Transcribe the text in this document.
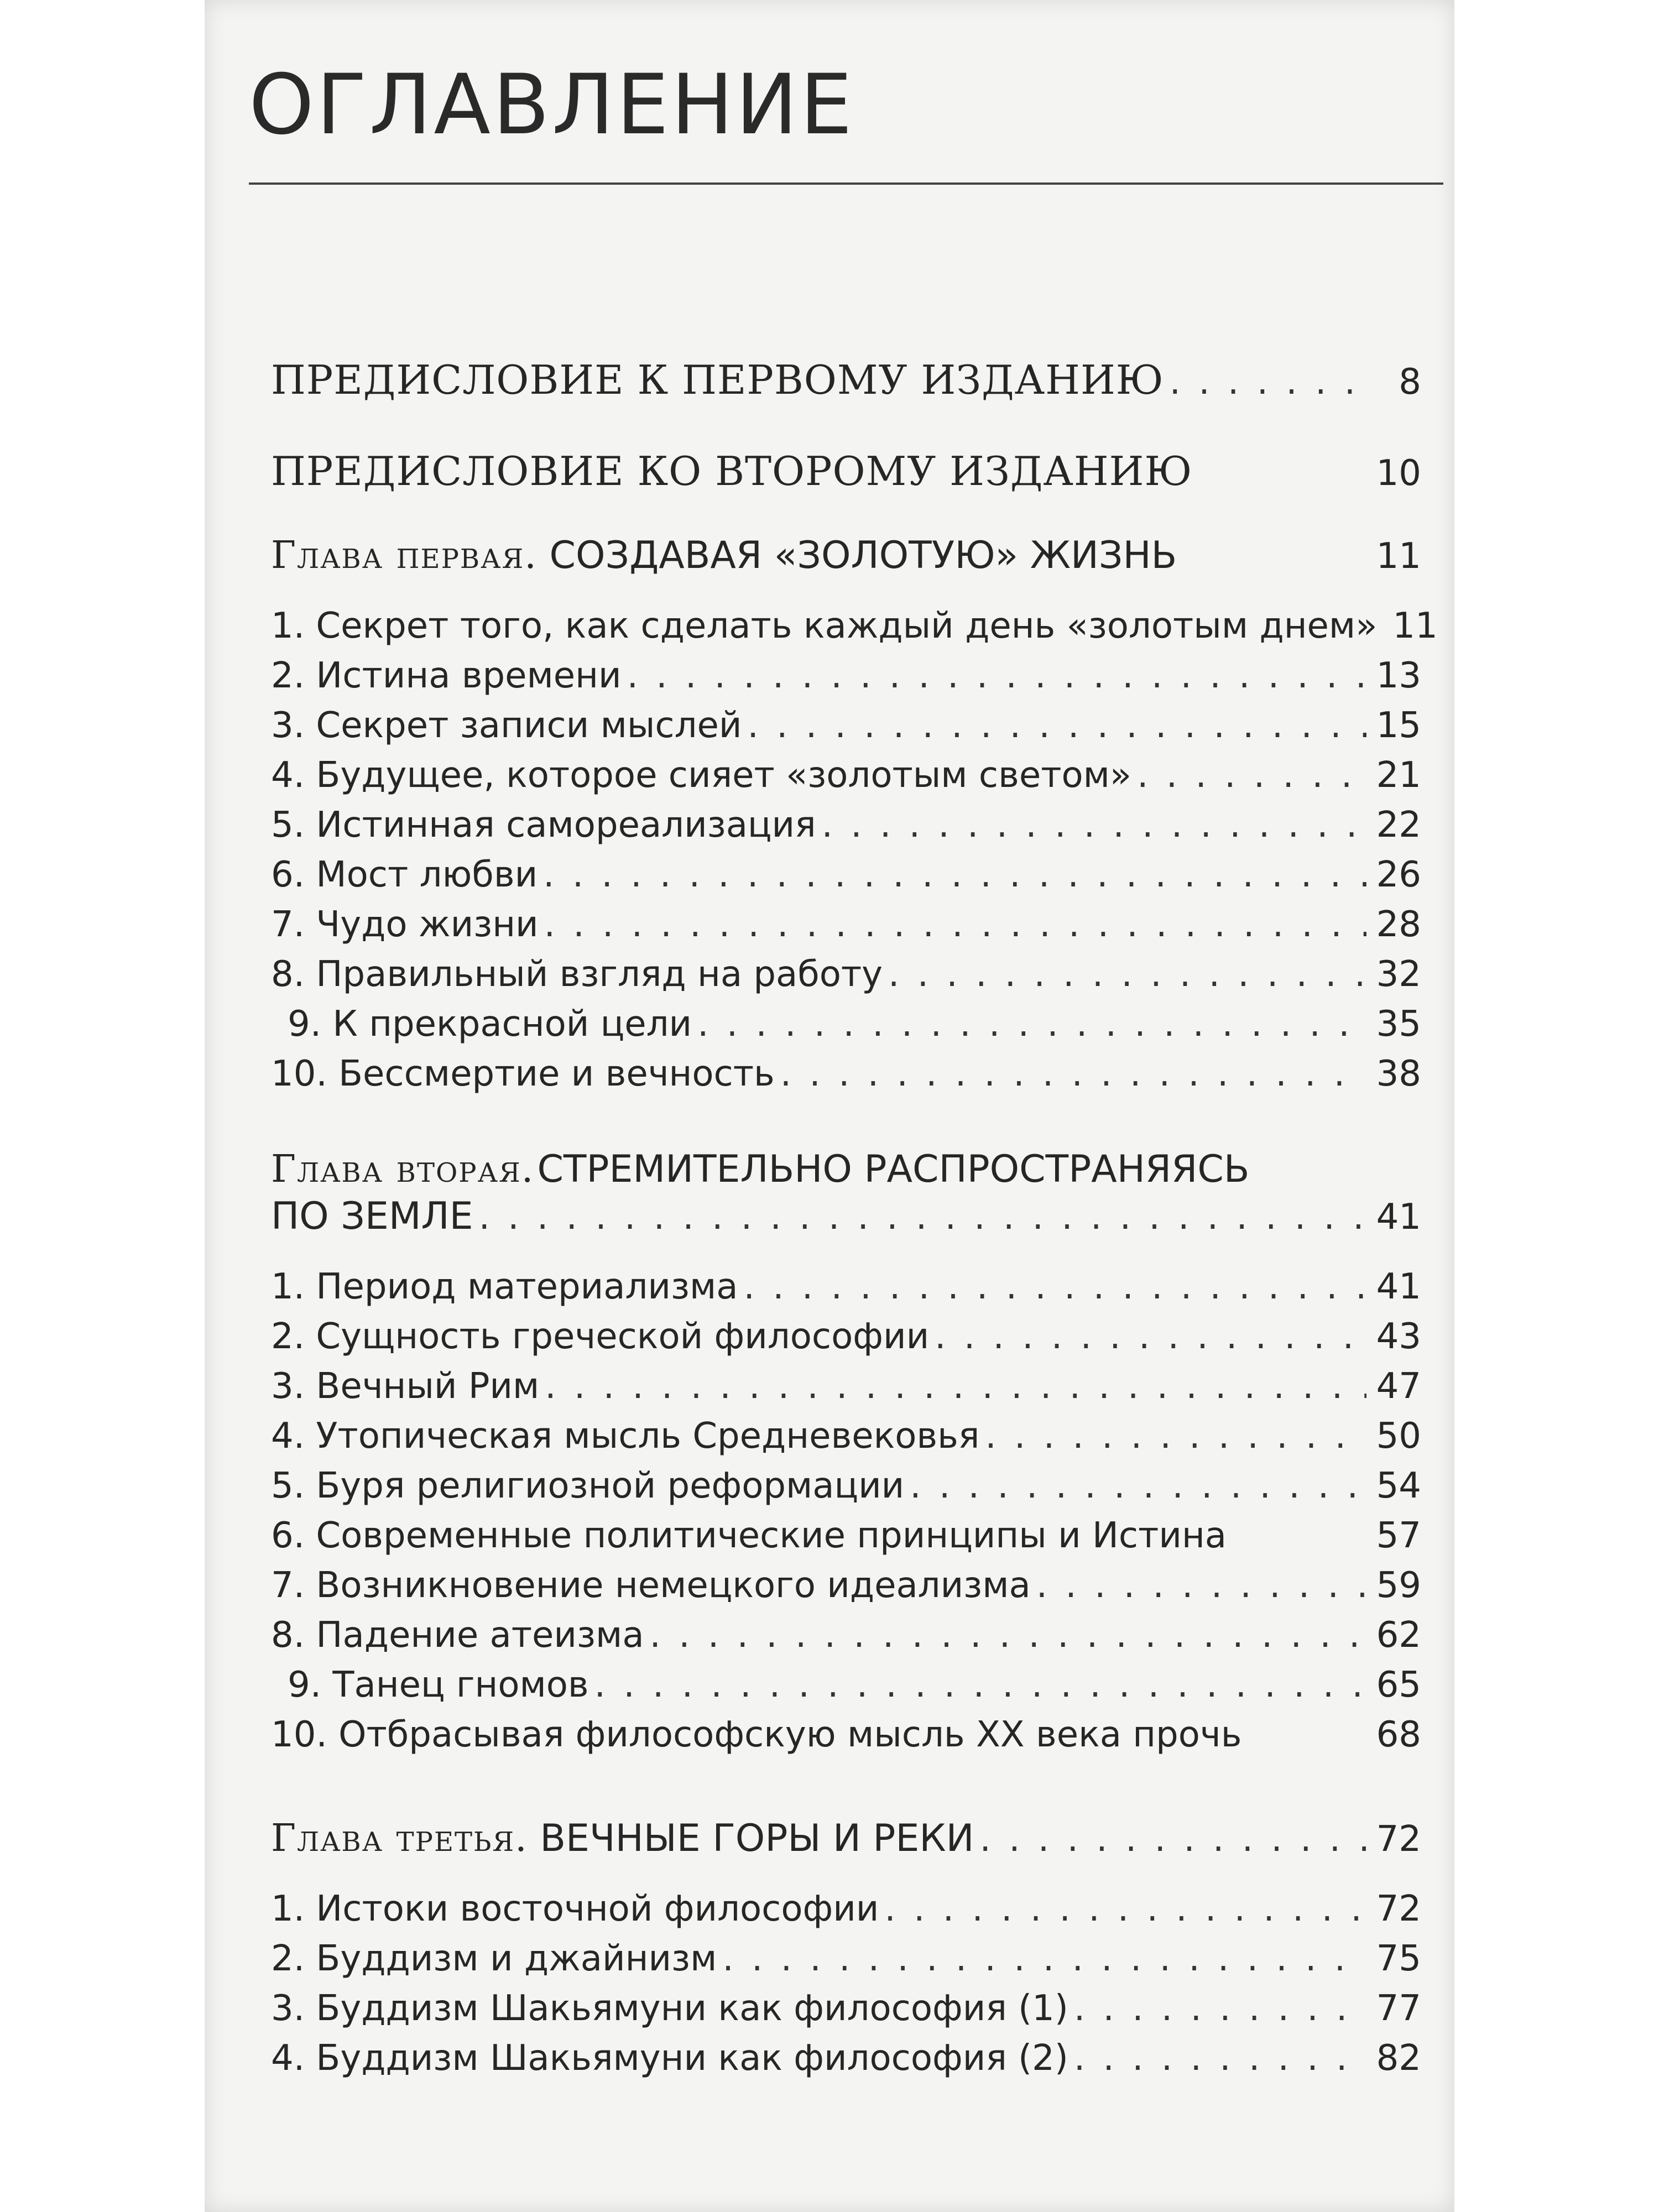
ОГЛАВЛЕНИЕ
ПРЕДИСЛОВИЕ К ПЕРВОМУ ИЗДАНИЮ . . .	8
ПРЕДИСЛОВИЕ КО ВТОРОМУ ИЗДАНИЮ	10
Глава первая. СОЗДАВАЯ «ЗОЛОТУЮ» ЖИЗНЬ	11
1. Секрет того, как сделать каждый день «золотым днем» 11
2. Истина времени . . .	13
3. Секрет записи мыслей . . .	15
4. Будущее, которое сияет «золотым светом» . . .	21
5. Истинная самореализация . . .	22
6. Мост любви . . .	26
7. Чудо жизни . . .	28
8. Правильный взгляд на работу . . .	32
9. К прекрасной цели . . .	35
10. Бессмертие и вечность . . .	38
Глава вторая. СТРЕМИТЕЛЬНО РАСПРОСТРАНЯЯСЬ
ПО ЗЕМЛЕ . . .	41
1. Период материализма . . .	41
2. Сущность греческой философии . . .	43
3. Вечный Рим . . .	47
4. Утопическая мысль Средневековья . . .	50
5. Буря религиозной реформации . . .	54
6. Современные политические принципы и Истина	57
7. Возникновение немецкого идеализма . . .	59
8. Падение атеизма . . .	62
9. Танец гномов . . .	65
10. Отбрасывая философскую мысль XX века прочь	68
Глава третья. ВЕЧНЫЕ ГОРЫ И РЕКИ . . .	72
1. Истоки восточной философии . . .	72
2. Буддизм и джайнизм . . .	75
3. Буддизм Шакьямуни как философия (1) . . .	77
4. Буддизм Шакьямуни как философия (2) . . .	82
